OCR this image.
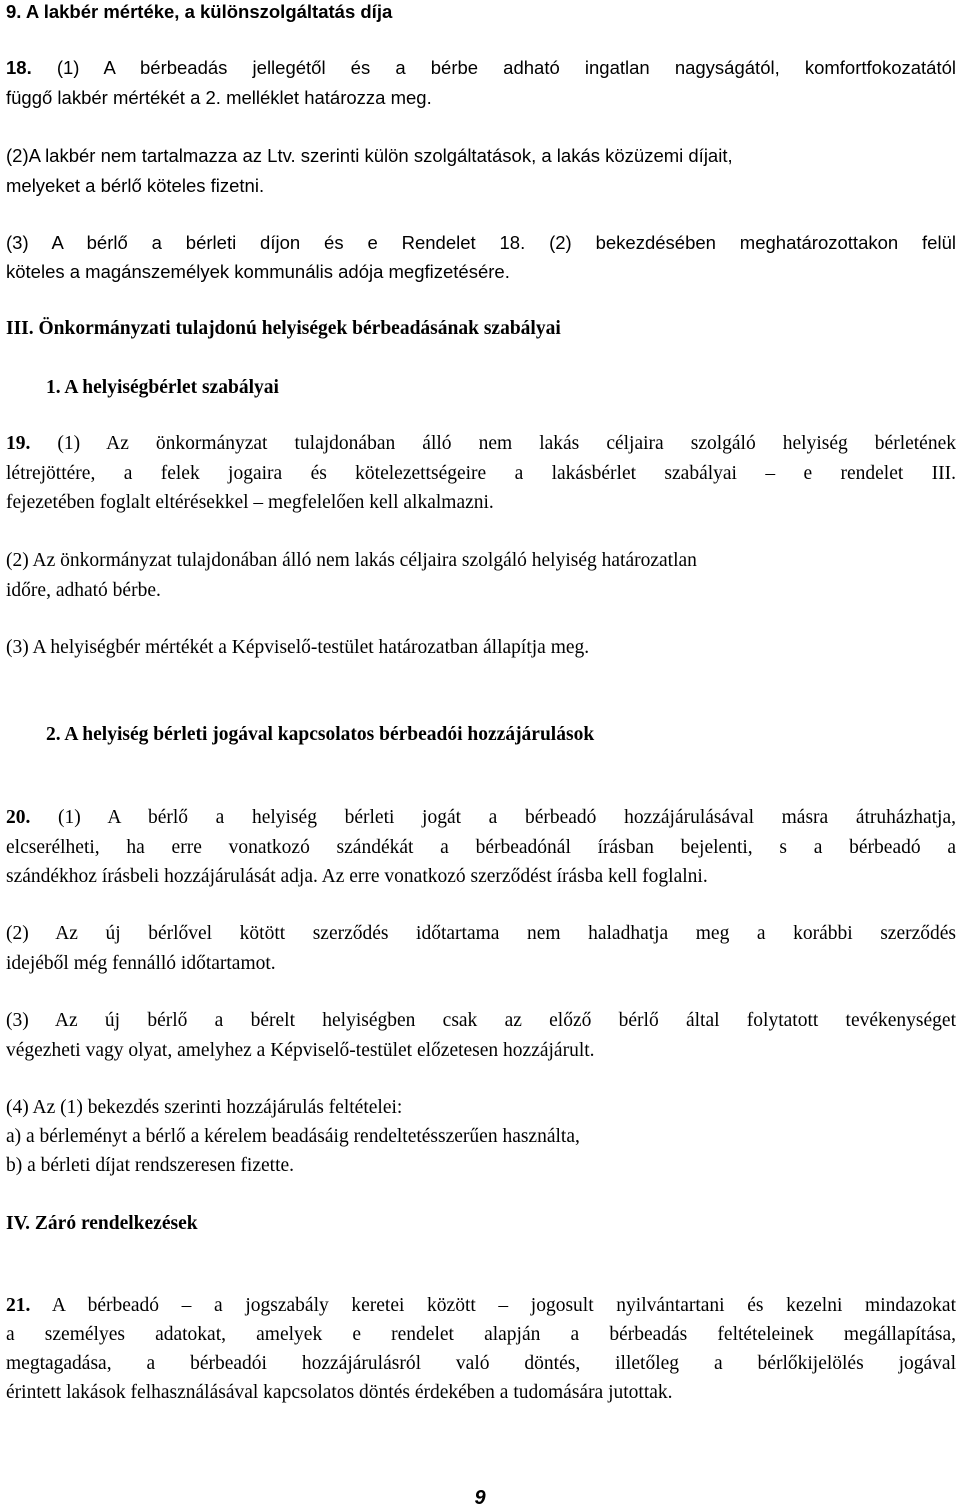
9. A lakbér mértéke, a különszolgáltatás díja
18. (1) A bérbeadás jellegétől és a bérbe adható ingatlan nagyságától, komfortfokozatától
függő lakbér mértékét a 2. melléklet határozza meg.
(2)A lakbér nem tartalmazza az Ltv. szerinti külön szolgáltatások, a lakás közüzemi díjait,
melyeket a bérlő köteles fizetni.
(3) A bérlő a bérleti díjon és e Rendelet 18. (2) bekezdésében meghatározottakon felül
köteles a magánszemélyek kommunális adója megfizetésére.
III. Önkormányzati tulajdonú helyiségek bérbeadásának szabályai
1. A helyiségbérlet szabályai
19. (1) Az önkormányzat tulajdonában álló nem lakás céljaira szolgáló helyiség bérletének
létrejöttére, a felek jogaira és kötelezettségeire a lakásbérlet szabályai – e rendelet III.
fejezetében foglalt eltérésekkel – megfelelően kell alkalmazni.
(2) Az önkormányzat tulajdonában álló nem lakás céljaira szolgáló helyiség határozatlan
időre, adható bérbe.
(3) A helyiségbér mértékét a Képviselő-testület határozatban állapítja meg.
2. A helyiség bérleti jogával kapcsolatos bérbeadói hozzájárulások
20. (1) A bérlő a helyiség bérleti jogát a bérbeadó hozzájárulásával másra átruházhatja,
elcserélheti, ha erre vonatkozó szándékát a bérbeadónál írásban bejelenti, s a bérbeadó a
szándékhoz írásbeli hozzájárulását adja. Az erre vonatkozó szerződést írásba kell foglalni.
(2) Az új bérlővel kötött szerződés időtartama nem haladhatja meg a korábbi szerződés
idejéből még fennálló időtartamot.
(3) Az új bérlő a bérelt helyiségben csak az előző bérlő által folytatott tevékenységet
végezheti vagy olyat, amelyhez a Képviselő-testület előzetesen hozzájárult.
(4) Az (1) bekezdés szerinti hozzájárulás feltételei:
a) a bérleményt a bérlő a kérelem beadásáig rendeltetésszerűen használta,
b) a bérleti díjat rendszeresen fizette.
IV. Záró rendelkezések
21. A bérbeadó – a jogszabály keretei között – jogosult nyilvántartani és kezelni mindazokat
a személyes adatokat, amelyek e rendelet alapján a bérbeadás feltételeinek megállapítása,
megtagadása, a bérbeadói hozzájárulásról való döntés, illetőleg a bérlőkijelölés jogával
érintett lakások felhasználásával kapcsolatos döntés érdekében a tudomására jutottak.
9
